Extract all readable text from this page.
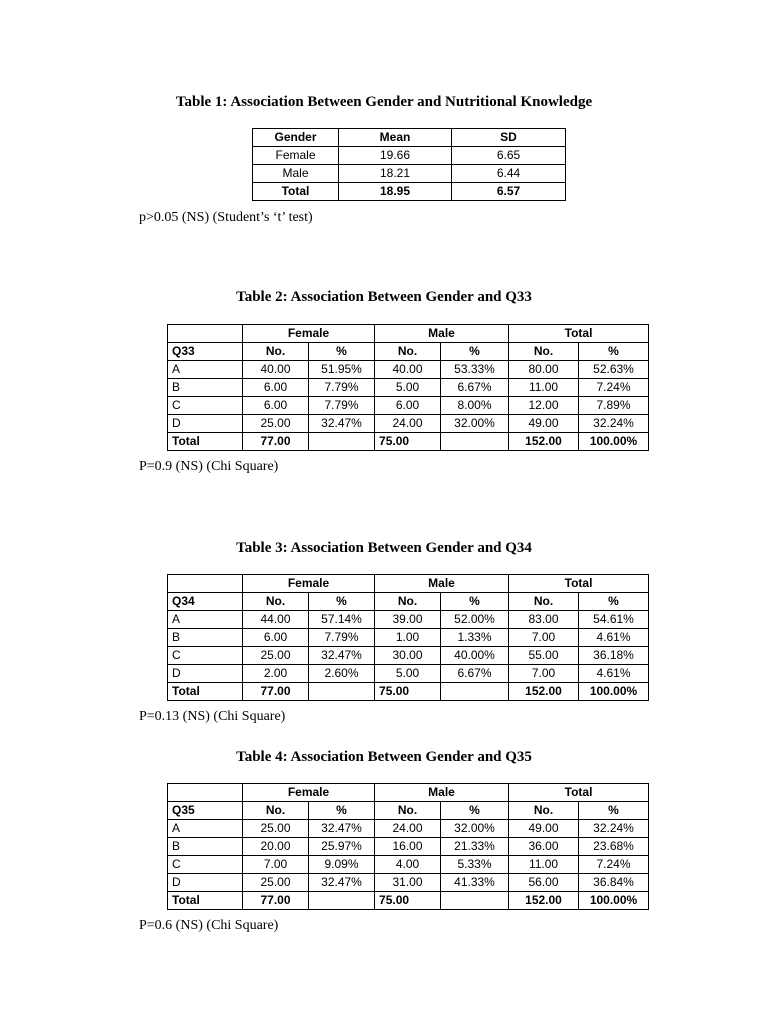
Table 1: Association Between Gender and Nutritional Knowledge
Gender	Mean	SD
Female	19.66	6.65
Male	18.21	6.44
Total	18.95	6.57
p>0.05 (NS) (Student’s ‘t’ test)
Table 2: Association Between Gender and Q33
	Female		Male		Total	
Q33	No.	%	No.	%	No.	%
A	40.00	51.95%	40.00	53.33%	80.00	52.63%
B	6.00	7.79%	5.00	6.67%	11.00	7.24%
C	6.00	7.79%	6.00	8.00%	12.00	7.89%
D	25.00	32.47%	24.00	32.00%	49.00	32.24%
Total	77.00		75.00		152.00	100.00%
P=0.9 (NS) (Chi Square)
Table 3: Association Between Gender and Q34
	Female		Male		Total	
Q34	No.	%	No.	%	No.	%
A	44.00	57.14%	39.00	52.00%	83.00	54.61%
B	6.00	7.79%	1.00	1.33%	7.00	4.61%
C	25.00	32.47%	30.00	40.00%	55.00	36.18%
D	2.00	2.60%	5.00	6.67%	7.00	4.61%
Total	77.00		75.00		152.00	100.00%
P=0.13 (NS) (Chi Square)
Table 4: Association Between Gender and Q35
	Female		Male		Total	
Q35	No.	%	No.	%	No.	%
A	25.00	32.47%	24.00	32.00%	49.00	32.24%
B	20.00	25.97%	16.00	21.33%	36.00	23.68%
C	7.00	9.09%	4.00	5.33%	11.00	7.24%
D	25.00	32.47%	31.00	41.33%	56.00	36.84%
Total	77.00		75.00		152.00	100.00%
P=0.6 (NS) (Chi Square)
